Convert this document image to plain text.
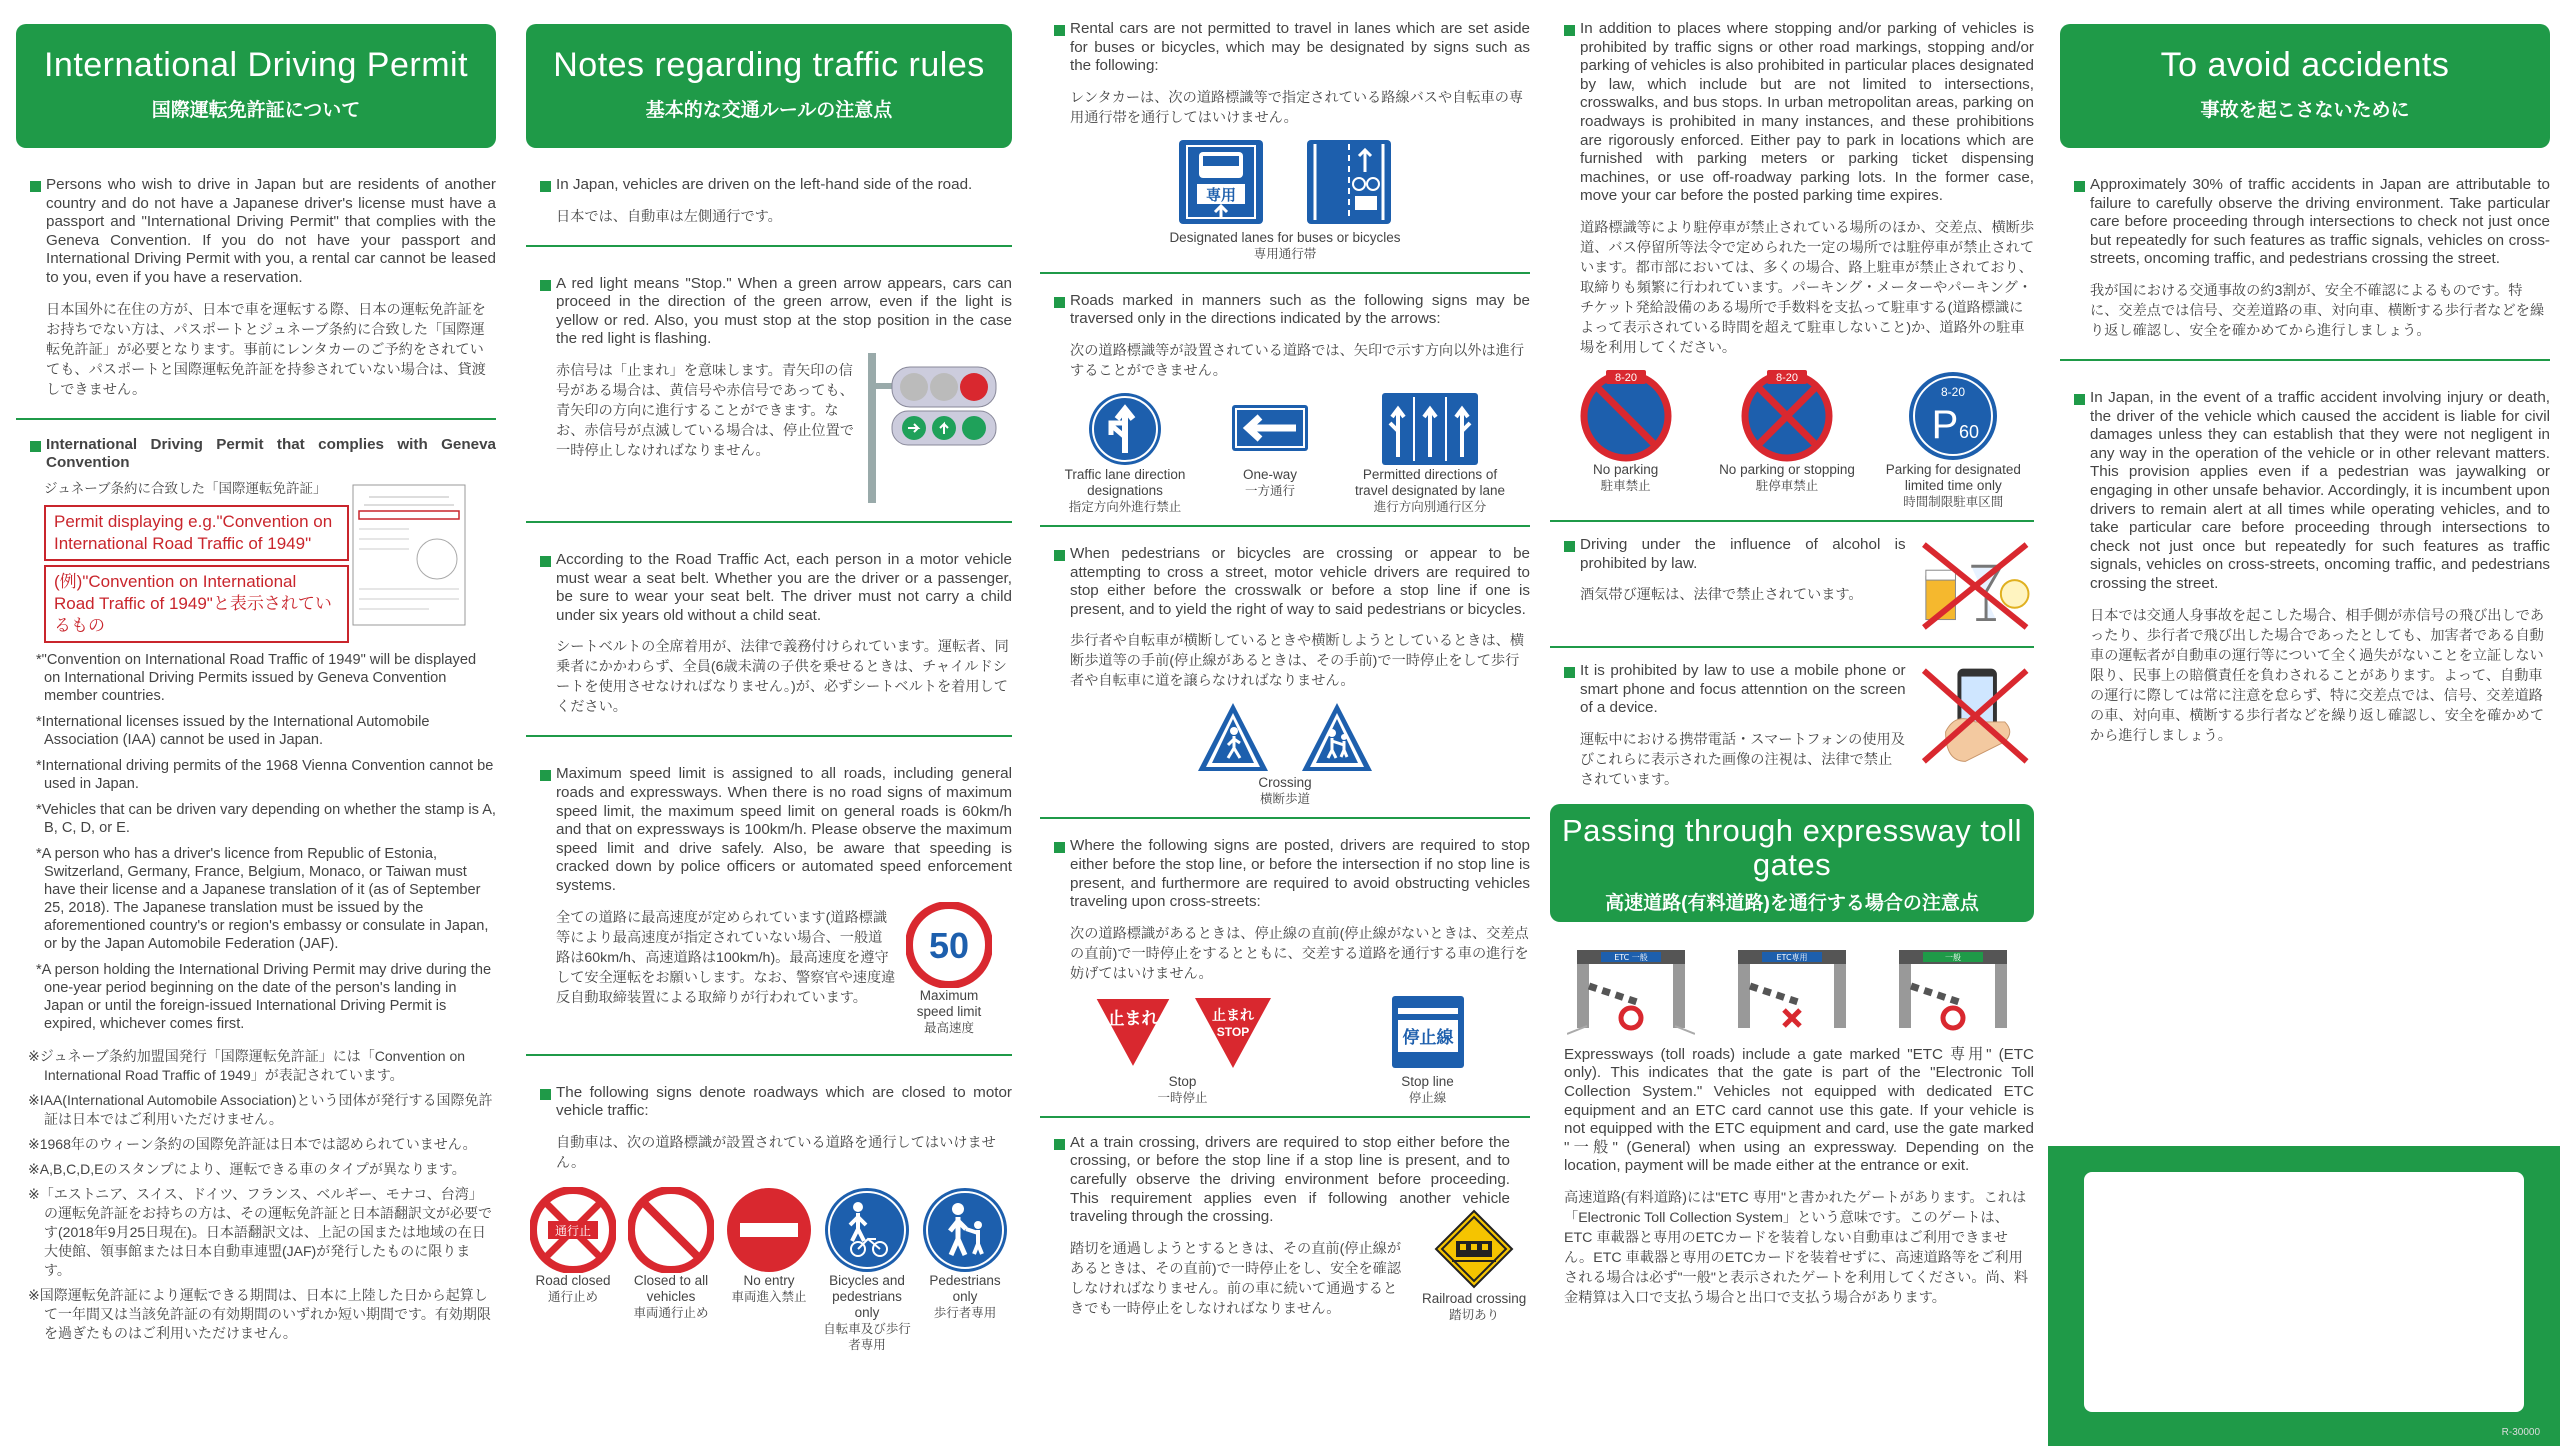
International Driving Permit
国際運転免許証について
Persons who wish to drive in Japan but are residents of another country and do not have a Japanese driver's license must have a passport and "International Driving Permit" that complies with the Geneva Convention. If you do not have your passport and International Driving Permit with you, a rental car cannot be leased to you, even if you have a reservation.
日本国外に在住の方が、日本で車を運転する際、日本の運転免許証をお持ちでない方は、パスポートとジュネーブ条約に合致した「国際運転免許証」が必要となります。事前にレンタカーのご予約をされていても、パスポートと国際運転免許証を持参されていない場合は、貸渡しできません。
International Driving Permit that complies with Geneva Convention
ジュネーブ条約に合致した「国際運転免許証」
Permit displaying e.g."Convention on International Road Traffic of 1949"
(例)"Convention on International Road Traffic of 1949"と表示されているもの
*"Convention on International Road Traffic of 1949" will be displayed on International Driving Permits issued by Geneva Convention member countries.
*International licenses issued by the International Automobile Association (IAA) cannot be used in Japan.
*International driving permits of the 1968 Vienna Convention cannot be used in Japan.
*Vehicles that can be driven vary depending on whether the stamp is A, B, C, D, or E.
*A person who has a driver's licence from Republic of Estonia, Switzerland, Germany, France, Belgium, Monaco, or Taiwan must have their license and a Japanese translation of it (as of September 25, 2018). The Japanese translation must be issued by the aforementioned country's or region's embassy or consulate in Japan, or by the Japan Automobile Federation (JAF).
*A person holding the International Driving Permit may drive during the one-year period beginning on the date of the person's landing in Japan or until the foreign-issued International Driving Permit is expired, whichever comes first.
※ジュネーブ条約加盟国発行「国際運転免許証」には「Convention on International Road Traffic of 1949」が表記されています。
※IAA(International Automobile Association)という団体が発行する国際免許証は日本ではご利用いただけません。
※1968年のウィーン条約の国際免許証は日本では認められていません。
※A,B,C,D,Eのスタンプにより、運転できる車のタイプが異なります。
※「エストニア、スイス、ドイツ、フランス、ベルギー、モナコ、台湾」の運転免許証をお持ちの方は、その運転免許証と日本語翻訳文が必要です(2018年9月25日現在)。日本語翻訳文は、上記の国または地域の在日大使館、領事館または日本自動車連盟(JAF)が発行したものに限ります。
※国際運転免許証により運転できる期間は、日本に上陸した日から起算して一年間又は当該免許証の有効期間のいずれか短い期間です。有効期限を過ぎたものはご利用いただけません。
Notes regarding traffic rules
基本的な交通ルールの注意点
In Japan, vehicles are driven on the left-hand side of the road.
日本では、自動車は左側通行です。
A red light means "Stop." When a green arrow appears, cars can proceed in the direction of the green arrow, even if the light is yellow or red. Also, you must stop at the stop position in the case the red light is flashing.
赤信号は「止まれ」を意味します。青矢印の信号がある場合は、黄信号や赤信号であっても、青矢印の方向に進行することができます。なお、赤信号が点滅している場合は、停止位置で一時停止しなければなりません。
According to the Road Traffic Act, each person in a motor vehicle must wear a seat belt. Whether you are the driver or a passenger, be sure to wear your seat belt. The driver must not carry a child under six years old without a child seat.
シートベルトの全席着用が、法律で義務付けられています。運転者、同乗者にかかわらず、全員(6歳未満の子供を乗せるときは、チャイルドシートを使用させなければなりません。)が、必ずシートベルトを着用してください。
Maximum speed limit is assigned to all roads, including general roads and expressways. When there is no road signs of maximum speed limit, the maximum speed limit on general roads is 60km/h and that on expressways is 100km/h. Please observe the maximum speed limit and drive safely. Also, be aware that speeding is cracked down by police officers or automated speed enforcement systems.
全ての道路に最高速度が定められています(道路標識等により最高速度が指定されていない場合、一般道路は60km/h、高速道路は100km/h)。最高速度を遵守して安全運転をお願いします。なお、警察官や速度違反自動取締装置による取締りが行われています。
50
Maximum speed limit
最高速度
The following signs denote roadways which are closed to motor vehicle traffic:
自動車は、次の道路標識が設置されている道路を通行してはいけません。
通行止
Road closed
通行止め
Closed to all vehicles
車両通行止め
No entry
車両進入禁止
Bicycles and pedestrians only
自転車及び歩行者専用
Pedestrians only
歩行者専用
Rental cars are not permitted to travel in lanes which are set aside for buses or bicycles, which may be designated by signs such as the following:
レンタカーは、次の道路標識等で指定されている路線バスや自転車の専用通行帯を通行してはいけません。
専用
Designated lanes for buses or bicycles
専用通行帯
Roads marked in manners such as the following signs may be traversed only in the directions indicated by the arrows:
次の道路標識等が設置されている道路では、矢印で示す方向以外は進行することができません。
Traffic lane direction designations
指定方向外進行禁止
One-way
一方通行
Permitted directions of travel designated by lane
進行方向別通行区分
When pedestrians or bicycles are crossing or appear to be attempting to cross a street, motor vehicle drivers are required to stop either before the crosswalk or before a stop line if one is present, and to yield the right of way to said pedestrians or bicycles.
歩行者や自転車が横断しているときや横断しようとしているときは、横断歩道等の手前(停止線があるときは、その手前)で一時停止をして歩行者や自転車に道を譲らなければなりません。
Crossing
横断歩道
Where the following signs are posted, drivers are required to stop either before the stop line, or before the intersection if no stop line is present, and furthermore are required to avoid obstructing vehicles traveling upon cross-streets:
次の道路標識があるときは、停止線の直前(停止線がないときは、交差点の直前)で一時停止をするとともに、交差する道路を通行する車の進行を妨げてはいけません。
止まれ	止まれ
STOP
Stop
一時停止
停止線
Stop line
停止線
At a train crossing, drivers are required to stop either before the crossing, or before the stop line if a stop line is present, and to carefully observe the driving environment before proceeding. This requirement applies even if following another vehicle traveling through the crossing.
踏切を通過しようとするときは、その直前(停止線があるときは、その直前)で一時停止をし、安全を確認しなければなりません。前の車に続いて通過するときでも一時停止をしなければなりません。
Railroad crossing
踏切あり
In addition to places where stopping and/or parking of vehicles is prohibited by traffic signs or other road markings, stopping and/or parking of vehicles is also prohibited in particular places designated by law, which include but are not limited to intersections, crosswalks, and bus stops. In urban metropolitan areas, parking on roadways is prohibited in many instances, and these prohibitions are rigorously enforced. Either pay to park in locations which are furnished with parking meters or parking ticket dispensing machines, or use off-roadway parking lots. In the former case, move your car before the posted parking time expires.
道路標識等により駐停車が禁止されている場所のほか、交差点、横断歩道、バス停留所等法令で定められた一定の場所では駐停車が禁止されています。都市部においては、多くの場合、路上駐車が禁止されており、取締りも頻繁に行われています。パーキング・メーターやパーキング・チケット発給設備のある場所で手数料を支払って駐車する(道路標識によって表示されている時間を超えて駐車しないこと)か、道路外の駐車場を利用してください。
8-20
No parking
駐車禁止
8-20
No parking or stopping
駐停車禁止
8-20
P 60
Parking for designated limited time only
時間制限駐車区間
Driving under the influence of alcohol is prohibited by law.
酒気帯び運転は、法律で禁止されています。
It is prohibited by law to use a mobile phone or smart phone and focus attenntion on the screen of a device.
運転中における携帯電話・スマートフォンの使用及びこれらに表示された画像の注視は、法律で禁止されています。
Passing through expressway toll gates
高速道路(有料道路)を通行する場合の注意点
ETC 一般	ETC専用	一般
Expressways (toll roads) include a gate marked "ETC 専用" (ETC only). This indicates that the gate is part of the "Electronic Toll Collection System." Vehicles not equipped with dedicated ETC equipment and an ETC card cannot use this gate. If your vehicle is not equipped with the ETC equipment and card, use the gate marked "一般" (General) when using an expressway. Depending on the location, payment will be made either at the entrance or exit.
高速道路(有料道路)には"ETC 専用"と書かれたゲートがあります。これは「Electronic Toll Collection System」という意味です。このゲートは、ETC 車載器と専用のETCカードを装着しない自動車はご利用できません。ETC 車載器と専用のETCカードを装着せずに、高速道路等をご利用される場合は必ず"一般"と表示されたゲートを利用してください。尚、料金精算は入口で支払う場合と出口で支払う場合があります。
To avoid accidents
事故を起こさないために
Approximately 30% of traffic accidents in Japan are attributable to failure to carefully observe the driving environment. Take particular care before proceeding through intersections to check not just once but repeatedly for such features as traffic signals, vehicles on cross-streets, oncoming traffic, and pedestrians crossing the street.
我が国における交通事故の約3割が、安全不確認によるものです。特に、交差点では信号、交差道路の車、対向車、横断する歩行者などを繰り返し確認し、安全を確かめてから進行しましょう。
In Japan, in the event of a traffic accident involving injury or death, the driver of the vehicle which caused the accident is liable for civil damages unless they can establish that they were not negligent in any way in the operation of the vehicle or in other relevant matters. This provision applies even if a pedestrian was jaywalking or engaging in other unsafe behavior. Accordingly, it is incumbent upon drivers to remain alert at all times while operating vehicles, and to take particular care before proceeding through intersections to check not just once but repeatedly for such features as traffic signals, vehicles on cross-streets, oncoming traffic, and pedestrians crossing the street.
日本では交通人身事故を起こした場合、相手側が赤信号の飛び出しであったり、歩行者で飛び出した場合であったとしても、加害者である自動車の運転者が自動車の運行等について全く過失がないことを立証しない限り、民事上の賠償責任を負わされることがあります。よって、自動車の運行に際しては常に注意を怠らず、特に交差点では、信号、交差道路の車、対向車、横断する歩行者などを繰り返し確認し、安全を確かめてから進行しましょう。
R-30000
